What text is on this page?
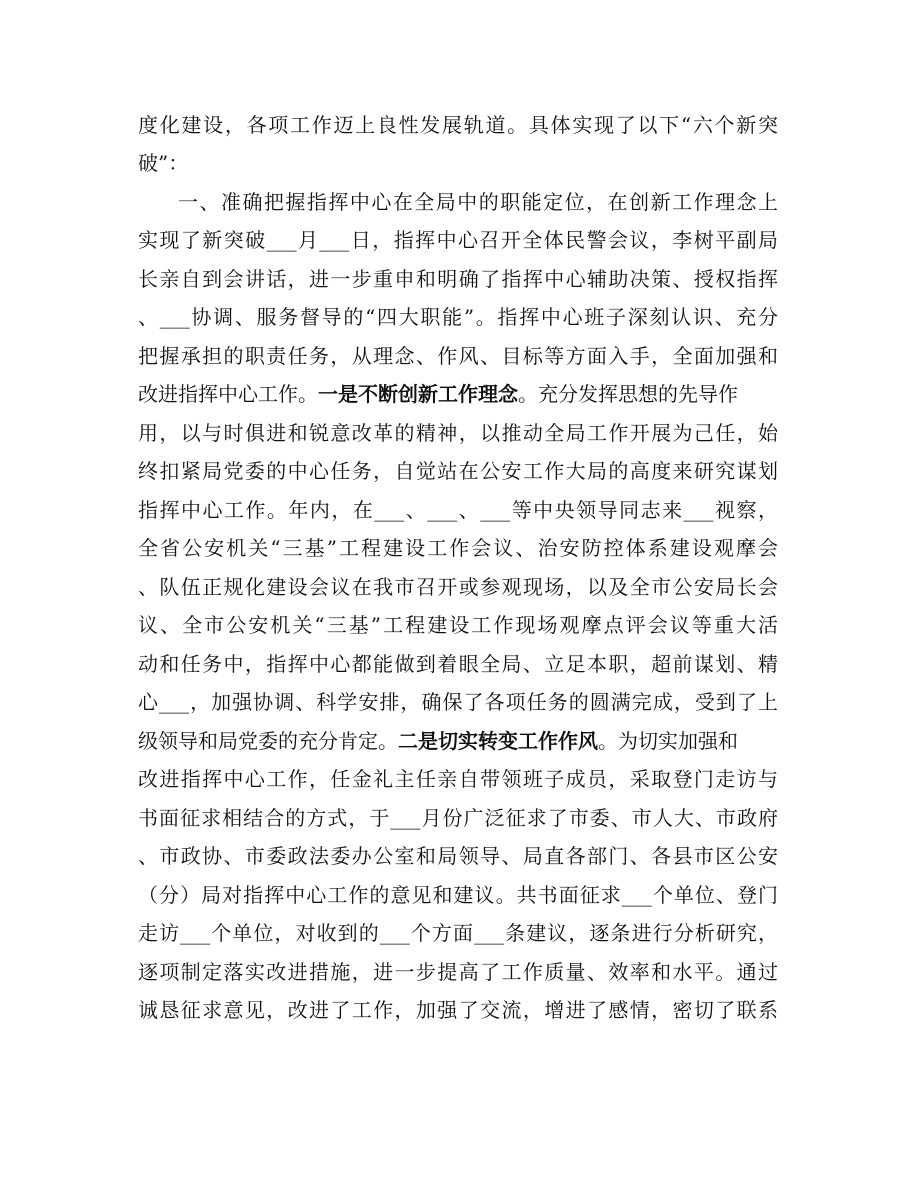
度化建设，各项工作迈上良性发展轨道。具体实现了以下“六个新突
破”：
一、准确把握指挥中心在全局中的职能定位，在创新工作理念上
实现了新突破___月___日，指挥中心召开全体民警会议，李树平副局
长亲自到会讲话，进一步重申和明确了指挥中心辅助决策、授权指挥
、___协调、服务督导的“四大职能”。指挥中心班子深刻认识、充分
把握承担的职责任务，从理念、作风、目标等方面入手，全面加强和
改进指挥中心工作。一是不断创新工作理念。充分发挥思想的先导作
用，以与时俱进和锐意改革的精神，以推动全局工作开展为己任，始
终扣紧局党委的中心任务，自觉站在公安工作大局的高度来研究谋划
指挥中心工作。年内，在___、___、___等中央领导同志来___视察，
全省公安机关“三基”工程建设工作会议、治安防控体系建设观摩会
、队伍正规化建设会议在我市召开或参观现场，以及全市公安局长会
议、全市公安机关“三基”工程建设工作现场观摩点评会议等重大活
动和任务中，指挥中心都能做到着眼全局、立足本职，超前谋划、精
心___，加强协调、科学安排，确保了各项任务的圆满完成，受到了上
级领导和局党委的充分肯定。二是切实转变工作作风。为切实加强和
改进指挥中心工作，任金礼主任亲自带领班子成员，采取登门走访与
书面征求相结合的方式，于___月份广泛征求了市委、市人大、市政府
、市政协、市委政法委办公室和局领导、局直各部门、各县市区公安
（分）局对指挥中心工作的意见和建议。共书面征求___个单位、登门
走访___个单位，对收到的___个方面___条建议，逐条进行分析研究，
逐项制定落实改进措施，进一步提高了工作质量、效率和水平。通过
诚恳征求意见，改进了工作，加强了交流，增进了感情，密切了联系
